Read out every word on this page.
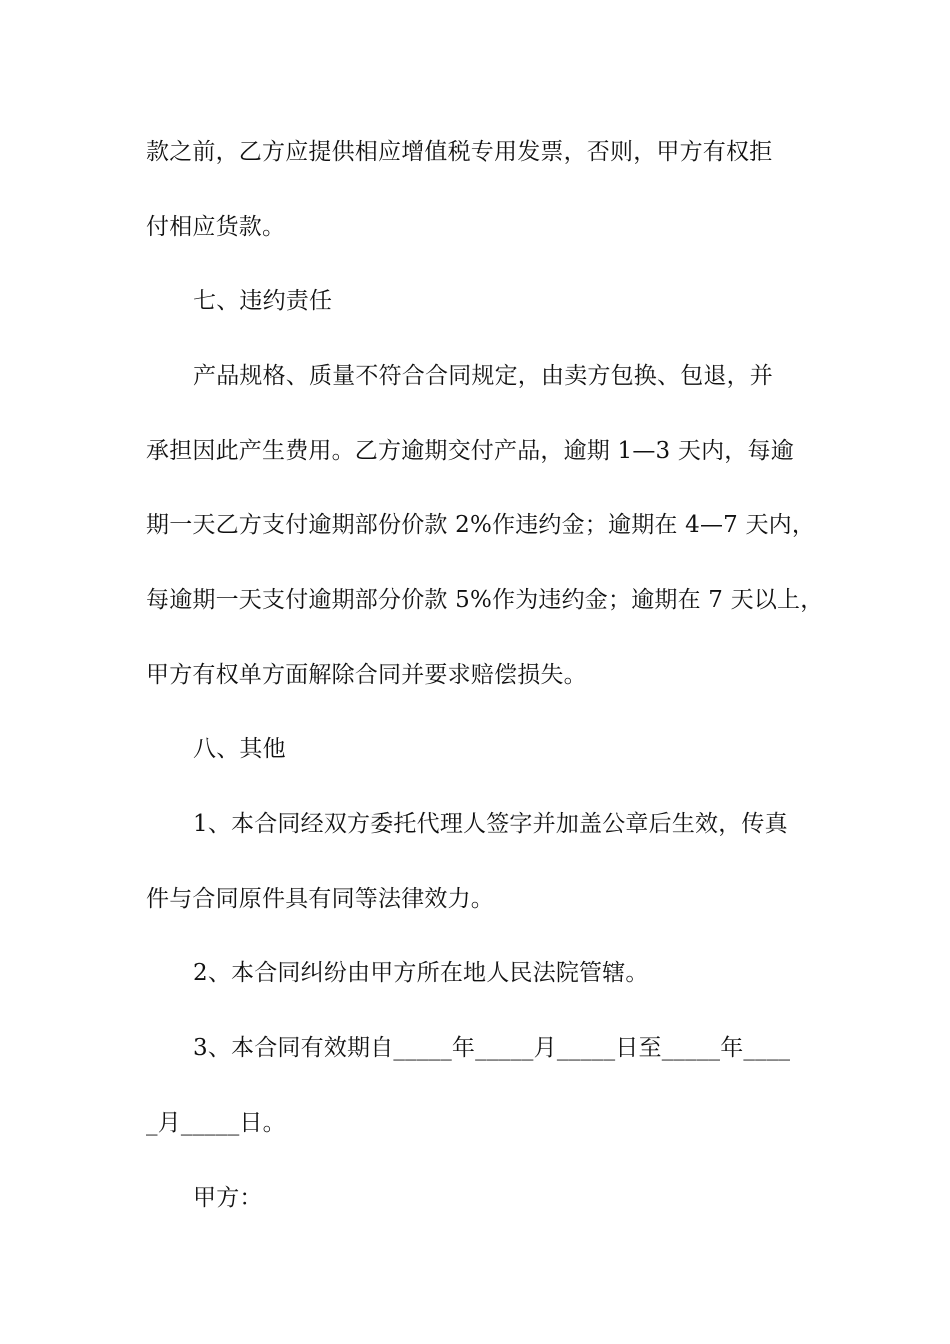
款之前，乙方应提供相应增值税专用发票，否则，甲方有权拒
付相应货款。
七、违约责任
产品规格、质量不符合合同规定，由卖方包换、包退，并
承担因此产生费用。乙方逾期交付产品，逾期 1—3 天内，每逾
期一天乙方支付逾期部份价款 2%作违约金；逾期在 4—7 天内，
每逾期一天支付逾期部分价款 5%作为违约金；逾期在 7 天以上，
甲方有权单方面解除合同并要求赔偿损失。
八、其他
1、本合同经双方委托代理人签字并加盖公章后生效，传真
件与合同原件具有同等法律效力。
2、本合同纠纷由甲方所在地人民法院管辖。
3、本合同有效期自_____年_____月_____日至_____年____
_月_____日。
甲方：
